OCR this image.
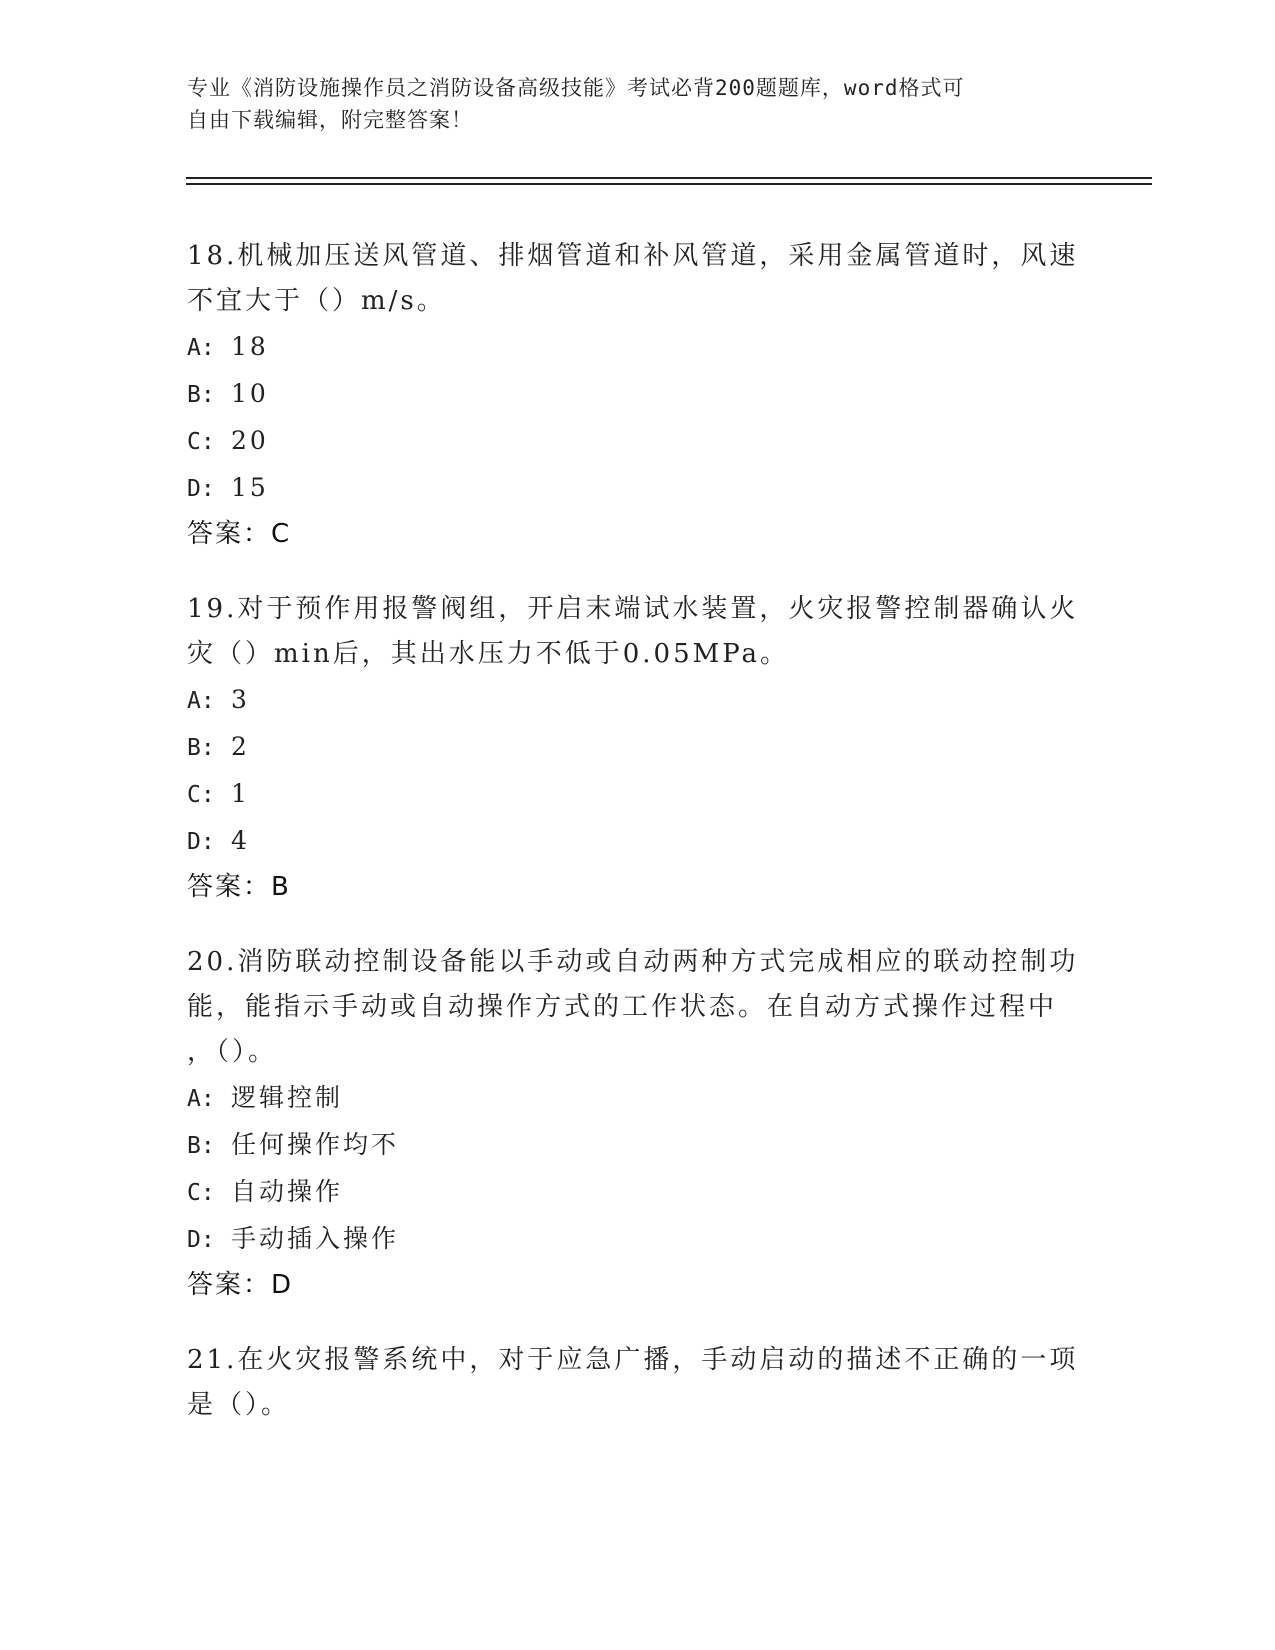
专业《消防设施操作员之消防设备高级技能》考试必背200题题库，word格式可
自由下载编辑，附完整答案！

18.机械加压送风管道、排烟管道和补风管道，采用金属管道时，风速
不宜大于（）m/s。

A: 18
B: 10
C: 20
D: 15
答案：C

19.对于预作用报警阀组，开启末端试水装置，火灾报警控制器确认火
灾（）min后，其出水压力不低于0.05MPa。

A: 3
B: 2
C: 1
D: 4
答案：B

20.消防联动控制设备能以手动或自动两种方式完成相应的联动控制功
能，能指示手动或自动操作方式的工作状态。在自动方式操作过程中
，（）。

A: 逻辑控制
B: 任何操作均不
C: 自动操作
D: 手动插入操作
答案：D

21.在火灾报警系统中，对于应急广播，手动启动的描述不正确的一项
是（）。
